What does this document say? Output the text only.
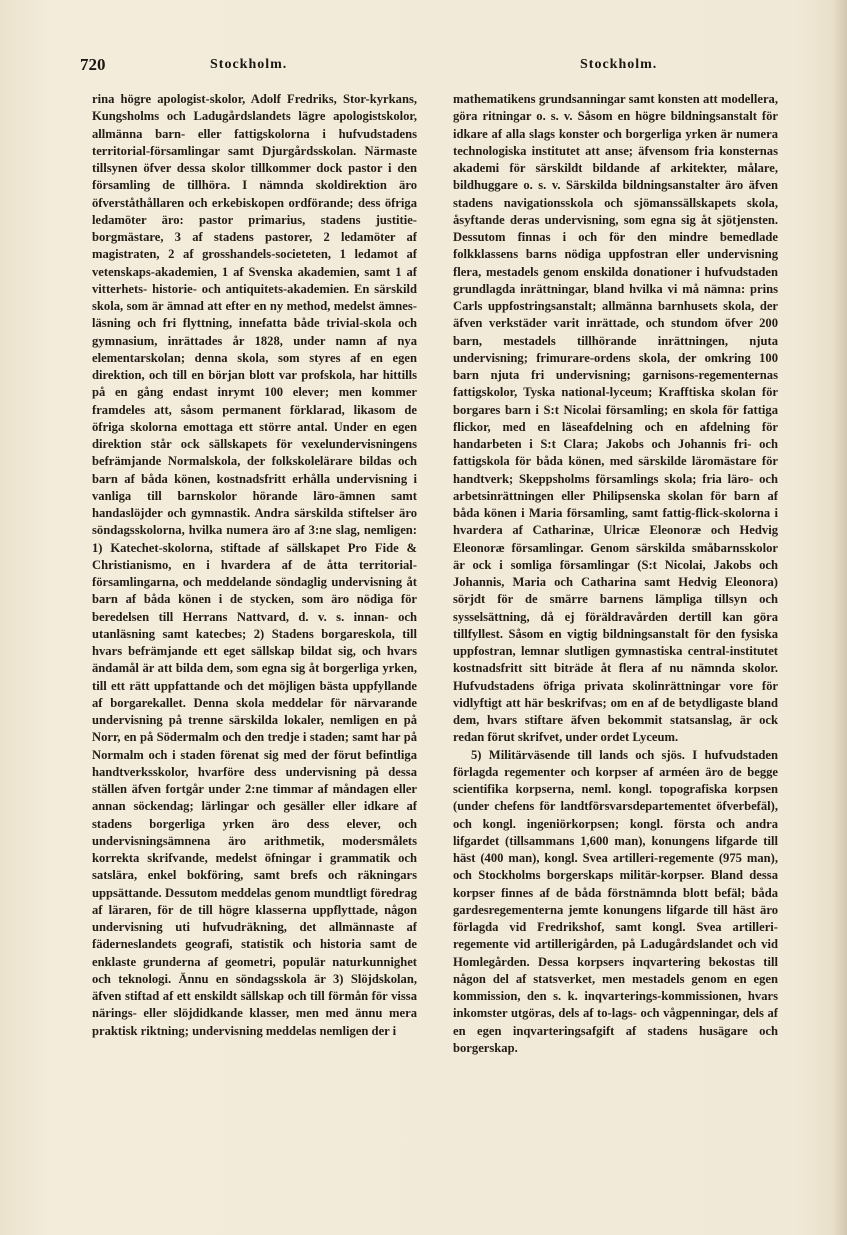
720	Stockholm.	Stockholm.

rina högre apologist-skolor, Adolf Fredriks, Stor-kyrkans, Kungsholms och Ladugårdslandets lägre apologistskolor, allmänna barn- eller fattigskolorna i hufvudstadens territorial-församlingar samt Djurgårdsskolan. Närmaste tillsynen öfver dessa skolor tillkommer dock pastor i den församling de tillhöra. I nämnda skoldirektion äro öfverståthållaren och erkebiskopen ordförande; dess öfriga ledamöter äro: pastor primarius, stadens justitie-borgmästare, 3 af stadens pastorer, 2 ledamöter af magistraten, 2 af grosshandels-societeten, 1 ledamot af vetenskaps-akademien, 1 af Svenska akademien, samt 1 af vitterhets- historie- och antiquitets-akademien. En särskild skola, som är ämnad att efter en ny method, medelst ämnes-läsning och fri flyttning, innefatta både trivial-skola och gymnasium, inrättades år 1828, under namn af nya elementarskolan; denna skola, som styres af en egen direktion, och till en början blott var profskola, har hittills på en gång endast inrymt 100 elever; men kommer framdeles att, såsom permanent förklarad, likasom de öfriga skolorna emottaga ett större antal. Under en egen direktion står ock sällskapets för vexelundervisningens befrämjande Normalskola, der folkskolelärare bildas och barn af båda könen, kostnadsfritt erhålla undervisning i vanliga till barnskolor hörande läro-ämnen samt handaslöjder och gymnastik. Andra särskilda stiftelser äro söndagsskolorna, hvilka numera äro af 3:ne slag, nemligen: 1) Katechet-skolorna, stiftade af sällskapet Pro Fide & Christianismo, en i hvardera af de åtta territorial-församlingarna, och meddelande söndaglig undervisning åt barn af båda könen i de stycken, som äro nödiga för beredelsen till Herrans Nattvard, d. v. s. innan- och utanläsning samt katecbes; 2) Stadens borgareskola, till hvars befrämjande ett eget sällskap bildat sig, och hvars ändamål är att bilda dem, som egna sig åt borgerliga yrken, till ett rätt uppfattande och det möjligen bästa uppfyllande af borgarekallet. Denna skola meddelar för närvarande undervisning på trenne särskilda lokaler, nemligen en på Norr, en på Södermalm och den tredje i staden; samt har på Normalm och i staden förenat sig med der förut befintliga handtverksskolor, hvarföre dess undervisning på dessa ställen äfven fortgår under 2:ne timmar af måndagen eller annan söckendag; lärlingar och gesäller eller idkare af stadens borgerliga yrken äro dess elever, och undervisningsämnena äro arithmetik, modersmålets korrekta skrifvande, medelst öfningar i grammatik och satslära, enkel bokföring, samt brefs och räkningars uppsättande. Dessutom meddelas genom mundtligt föredrag af läraren, för de till högre klasserna uppflyttade, någon undervisning uti hufvudräkning, det allmännaste af fäderneslandets geografi, statistik och historia samt de enklaste grunderna af geometri, populär naturkunnighet och teknologi. Ännu en söndagsskola är 3) Slöjdskolan, äfven stiftad af ett enskildt sällskap och till förmån för vissa närings- eller slöjdidkande klasser, men med ännu mera praktisk riktning; undervisning meddelas nemligen der i

mathematikens grundsanningar samt konsten att modellera, göra ritningar o. s. v. Såsom en högre bildningsanstalt för idkare af alla slags konster och borgerliga yrken är numera technologiska institutet att anse; äfvensom fria konsternas akademi för särskildt bildande af arkitekter, målare, bildhuggare o. s. v. Särskilda bildningsanstalter äro äfven stadens navigationsskola och sjömanssällskapets skola, åsyftande deras undervisning, som egna sig åt sjötjensten. Dessutom finnas i och för den mindre bemedlade folkklassens barns nödiga uppfostran eller undervisning flera, mestadels genom enskilda donationer i hufvudstaden grundlagda inrättningar, bland hvilka vi må nämna: prins Carls uppfostringsanstalt; allmänna barnhusets skola, der äfven verkstäder varit inrättade, och stundom öfver 200 barn, mestadels tillhörande inrättningen, njuta undervisning; frimurare-ordens skola, der omkring 100 barn njuta fri undervisning; garnisons-regementernas fattigskolor, Tyska national-lyceum; Krafftiska skolan för borgares barn i S:t Nicolai församling; en skola för fattiga flickor, med en läseafdelning och en afdelning för handarbeten i S:t Clara; Jakobs och Johannis fri- och fattigskola för båda könen, med särskilde läromästare för handtverk; Skeppsholms församlings skola; fria läro- och arbetsinrättningen eller Philipsenska skolan för barn af båda könen i Maria församling, samt fattig-flick-skolorna i hvardera af Catharinæ, Ulricæ Eleonoræ och Hedvig Eleonoræ församlingar. Genom särskilda småbarnsskolor är ock i somliga församlingar (S:t Nicolai, Jakobs och Johannis, Maria och Catharina samt Hedvig Eleonora) sörjdt för de smärre barnens lämpliga tillsyn och sysselsättning, då ej föräldravården dertill kan göra tillfyllest. Såsom en vigtig bildningsanstalt för den fysiska uppfostran, lemnar slutligen gymnastiska central-institutet kostnadsfritt sitt biträde åt flera af nu nämnda skolor. Hufvudstadens öfriga privata skolinrättningar vore för vidlyftigt att här beskrifvas; om en af de betydligaste bland dem, hvars stiftare äfven bekommit statsanslag, är ock redan förut skrifvet, under ordet Lyceum.

5) Militärväsende till lands och sjös. I hufvudstaden förlagda regementer och korpser af arméen äro de begge scientifika korpserna, neml. kongl. topografiska korpsen (under chefens för landtförsvarsdepartementet öfverbefäl), och kongl. ingeniörkorpsen; kongl. första och andra lifgardet (tillsammans 1,600 man), konungens lifgarde till häst (400 man), kongl. Svea artilleri-regemente (975 man), och Stockholms borgerskaps militär-korpser. Bland dessa korpser finnes af de båda förstnämnda blott befäl; båda gardesregementerna jemte konungens lifgarde till häst äro förlagda vid Fredrikshof, samt kongl. Svea artilleri-regemente vid artillerigården, på Ladugårdslandet och vid Homlegården. Dessa korpsers inqvartering bekostas till någon del af statsverket, men mestadels genom en egen kommission, den s. k. inqvarterings-kommissionen, hvars inkomster utgöras, dels af to-lags- och vågpenningar, dels af en egen inqvarteringsafgift af stadens husägare och borgerskap.
